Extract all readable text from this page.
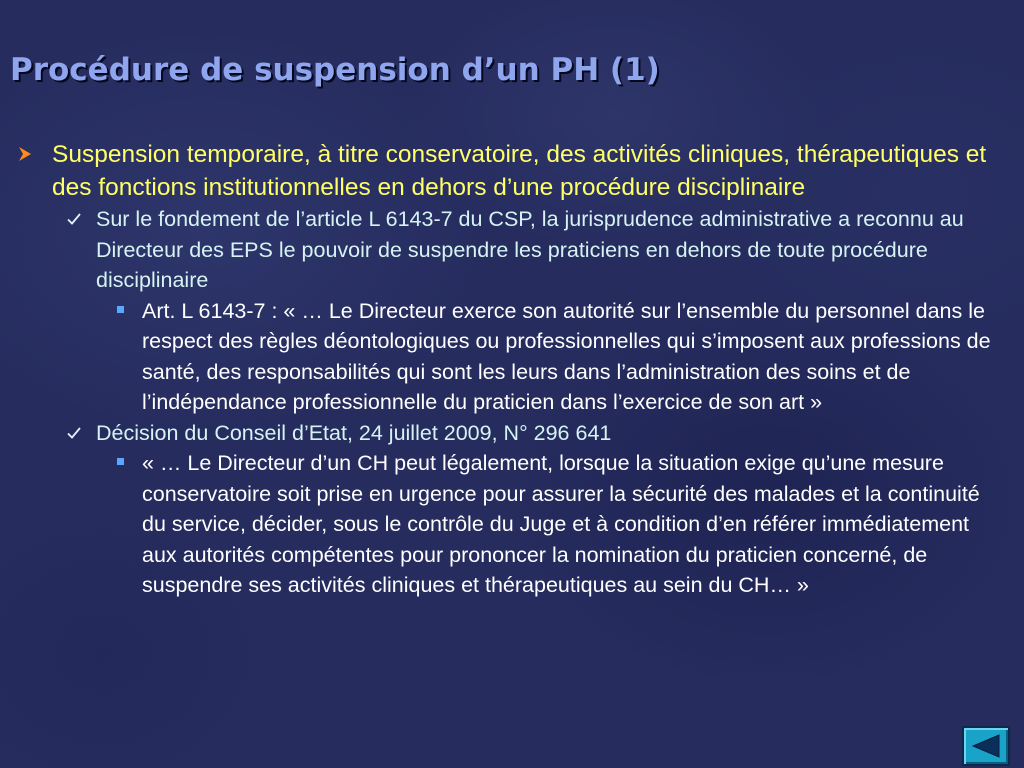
Procédure de suspension d’un PH (1)
Suspension temporaire, à titre conservatoire, des activités cliniques, thérapeutiques et des fonctions institutionnelles en dehors d’une procédure disciplinaire
Sur le fondement de l’article L 6143-7 du CSP, la jurisprudence administrative a reconnu au Directeur des EPS le pouvoir de suspendre les praticiens en dehors de toute procédure disciplinaire
Art. L 6143-7 : « … Le Directeur exerce son autorité sur l’ensemble du personnel dans le respect des règles déontologiques ou professionnelles qui s’imposent aux professions de santé, des responsabilités qui sont les leurs dans l’administration des soins et de l’indépendance professionnelle du praticien dans l’exercice de son art »
Décision du Conseil d’Etat, 24 juillet 2009, N° 296 641
« … Le Directeur d’un CH peut légalement, lorsque la situation exige qu’une mesure conservatoire soit prise en urgence pour assurer la sécurité des malades et la continuité du service, décider, sous le contrôle du Juge et à condition d’en référer immédiatement aux autorités compétentes pour prononcer la nomination du praticien concerné, de suspendre ses activités cliniques et thérapeutiques au sein du CH… »
